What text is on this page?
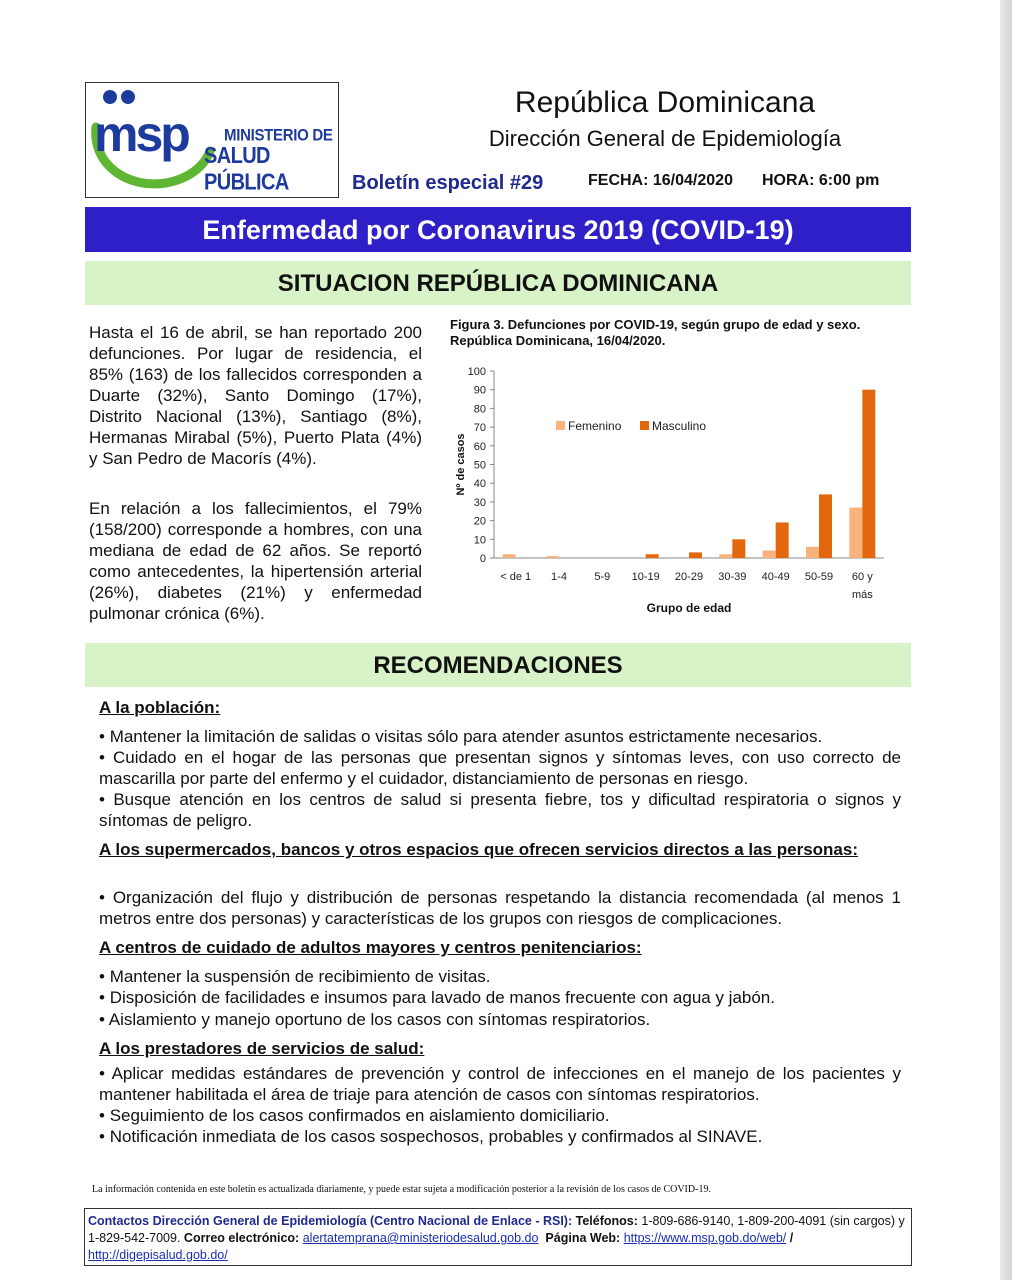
msp MINISTERIO DE
SALUD PÚBLICA
República Dominicana
Dirección General de Epidemiología
Boletín especial #29	FECHA: 16/04/2020 HORA: 6:00 pm
Enfermedad por Coronavirus 2019 (COVID-19)
SITUACION REPÚBLICA DOMINICANA

Hasta el 16 de abril, se han reportado 200 defunciones. Por lugar de residencia, el 85% (163) de los fallecidos corresponden a Duarte (32%), Santo Domingo (17%), Distrito Nacional (13%), Santiago (8%), Hermanas Mirabal (5%), Puerto Plata (4%) y San Pedro de Macorís (4%).

En relación a los fallecimientos, el 79% (158/200) corresponde a hombres, con una mediana de edad de 62 años. Se reportó como antecedentes, la hipertensión arterial (26%), diabetes (21%) y enfermedad pulmonar crónica (6%).

Figura 3. Defunciones por COVID-19, según grupo de edad y sexo. República Dominicana, 16/04/2020.

0
10
20
30
40
50
60
70
80
90
100
< de 1 1-4 5-9 10-19 20-29 30-39 40-49 50-59 60 y
más
Grupo de edad
Nº de casos
Femenino	Masculino
RECOMENDACIONES
A la población:
• Mantener la limitación de salidas o visitas sólo para atender asuntos estrictamente necesarios.
• Cuidado en el hogar de las personas que presentan signos y síntomas leves, con uso correcto de mascarilla por parte del enfermo y el cuidador, distanciamiento de personas en riesgo.
• Busque atención en los centros de salud si presenta fiebre, tos y dificultad respiratoria o signos y síntomas de peligro.
A los supermercados, bancos y otros espacios que ofrecen servicios directos a las personas:
• Organización del flujo y distribución de personas respetando la distancia recomendada (al menos 1 metros entre dos personas) y características de los grupos con riesgos de complicaciones.
A centros de cuidado de adultos mayores y centros penitenciarios:
• Mantener la suspensión de recibimiento de visitas.
• Disposición de facilidades e insumos para lavado de manos frecuente con agua y jabón.
• Aislamiento y manejo oportuno de los casos con síntomas respiratorios.
A los prestadores de servicios de salud:
• Aplicar medidas estándares de prevención y control de infecciones en el manejo de los pacientes y mantener habilitada el área de triaje para atención de casos con síntomas respiratorios.
• Seguimiento de los casos confirmados en aislamiento domiciliario.
• Notificación inmediata de los casos sospechosos, probables y confirmados al SINAVE.
La información contenida en este boletín es actualizada diariamente, y puede estar sujeta a modificación posterior a la revisión de los casos de COVID-19.
Contactos Dirección General de Epidemiología (Centro Nacional de Enlace - RSI): Teléfonos: 1-809-686-9140, 1-809-200-4091 (sin cargos) y 1-829-542-7009. Correo electrónico: alertatemprana@ministeriodesalud.gob.do Página Web: https://www.msp.gob.do/web/ / http://digepisalud.gob.do/
